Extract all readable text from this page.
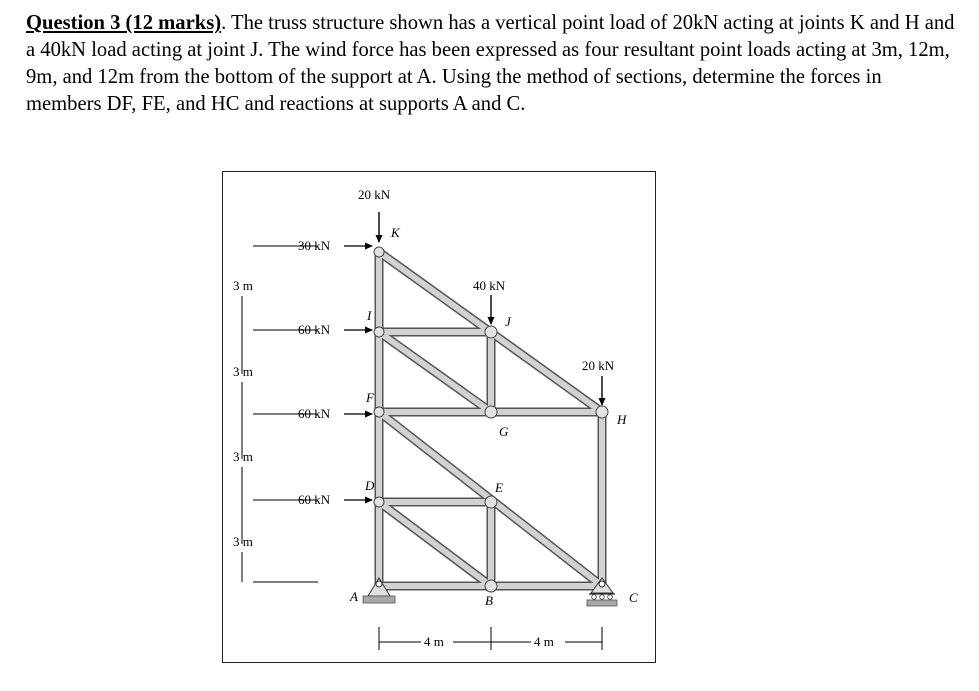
Question 3 (12 marks). The truss structure shown has a vertical point load of 20kN acting at joints K and H and a 40kN load acting at joint J. The wind force has been expressed as four resultant point loads acting at 3m, 12m, 9m, and 12m from the bottom of the support at A. Using the method of sections, determine the forces in members DF, FE, and HC and reactions at supports A and C.

20 kN
40 kN
20 kN
30 kN
60 kN
60 kN
60 kN
K
I
F
D
A
J
G
E
B
H
C
3 m
3 m
3 m
3 m
4 m	4 m
